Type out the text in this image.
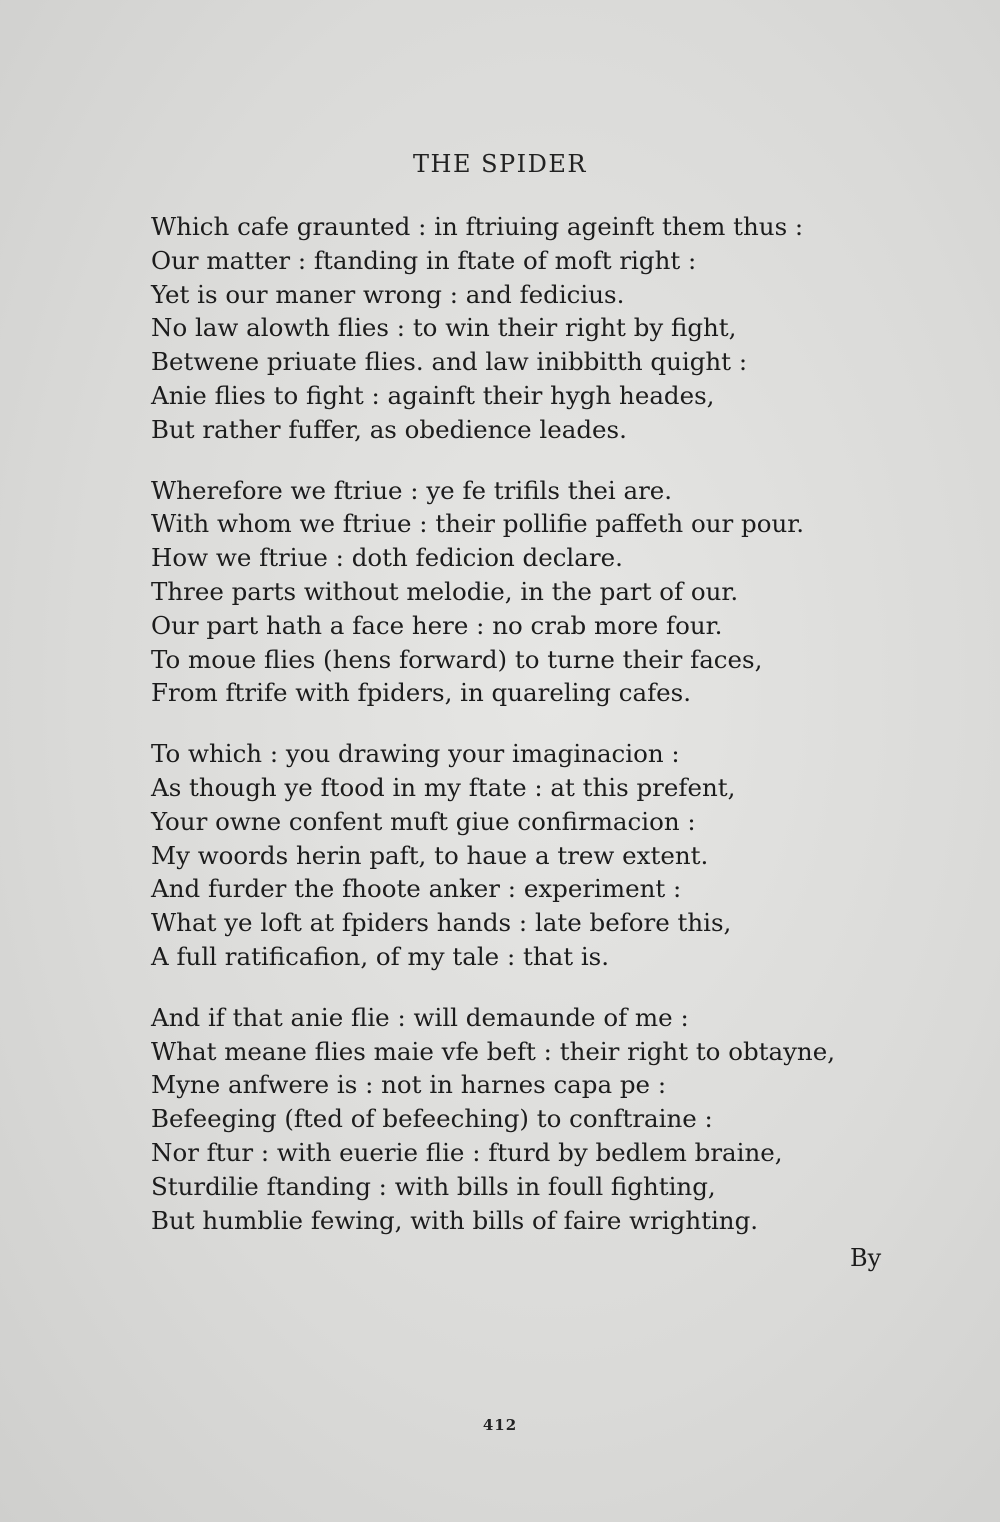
THE SPIDER
Which cafe graunted : in ftriuing ageinft them thus :
Our matter : ftanding in ftate of moft right :
Yet is our maner wrong : and fedicius.
No law alowth flies : to win their right by fight,
Betwene priuate flies. and law inibbitth quight :
Anie flies to fight : againft their hygh heades,
But rather fuffer, as obedience leades.
Wherefore we ftriue : ye fe trifils thei are.
With whom we ftriue : their pollifie paffeth our pour.
How we ftriue : doth fedicion declare.
Three parts without melodie, in the part of our.
Our part hath a face here : no crab more four.
To moue flies (hens forward) to turne their faces,
From ftrife with fpiders, in quareling cafes.
To which : you drawing your imaginacion :
As though ye ftood in my ftate : at this prefent,
Your owne confent muft giue confirmacion :
My woords herin paft, to haue a trew extent.
And furder the fhoote anker : experiment :
What ye loft at fpiders hands : late before this,
A full ratificafion, of my tale : that is.
And if that anie flie : will demaunde of me :
What meane flies maie vfe beft : their right to obtayne,
Myne anfwere is : not in harnes capa pe :
Befeeging (fted of befeeching) to conftraine :
Nor ftur : with euerie flie : fturd by bedlem braine,
Sturdilie ftanding : with bills in foull fighting,
But humblie fewing, with bills of faire wrighting.
By
412
